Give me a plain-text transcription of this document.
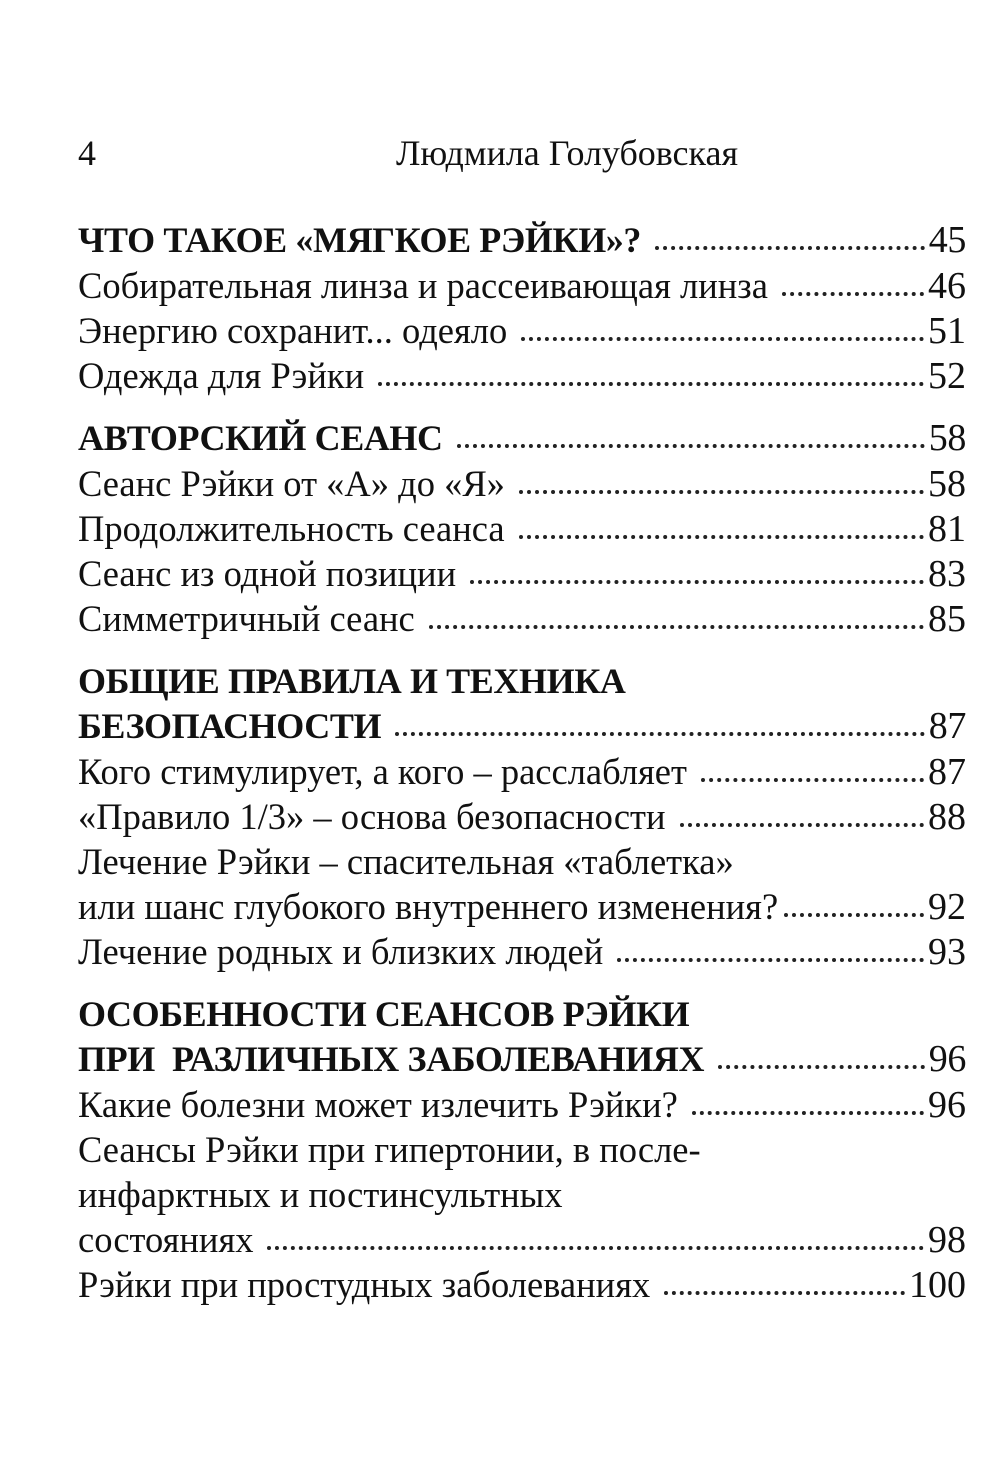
4	Людмила Голубовская
ЧТО ТАКОЕ «МЯГКОЕ РЭЙКИ»?	45
Собирательная линза и рассеивающая линза	46
Энергию сохранит... одеяло	51
Одежда для Рэйки	52
АВТОРСКИЙ СЕАНС	58
Сеанс Рэйки от «А» до «Я»	58
Продолжительность сеанса	81
Сеанс из одной позиции	83
Симметричный сеанс	85
ОБЩИЕ ПРАВИЛА И ТЕХНИКА
БЕЗОПАСНОСТИ	87
Кого стимулирует, а кого – расслабляет	87
«Правило 1/3» – основа безопасности	88
Лечение Рэйки – спасительная «таблетка»
или шанс глубокого внутреннего изменения?	92
Лечение родных и близких людей	93
ОСОБЕННОСТИ СЕАНСОВ РЭЙКИ
ПРИ  РАЗЛИЧНЫХ ЗАБОЛЕВАНИЯХ	96
Какие болезни может излечить Рэйки?	96
Сеансы Рэйки при гипертонии, в после-
инфарктных и постинсультных
состояниях	98
Рэйки при простудных заболеваниях	100
